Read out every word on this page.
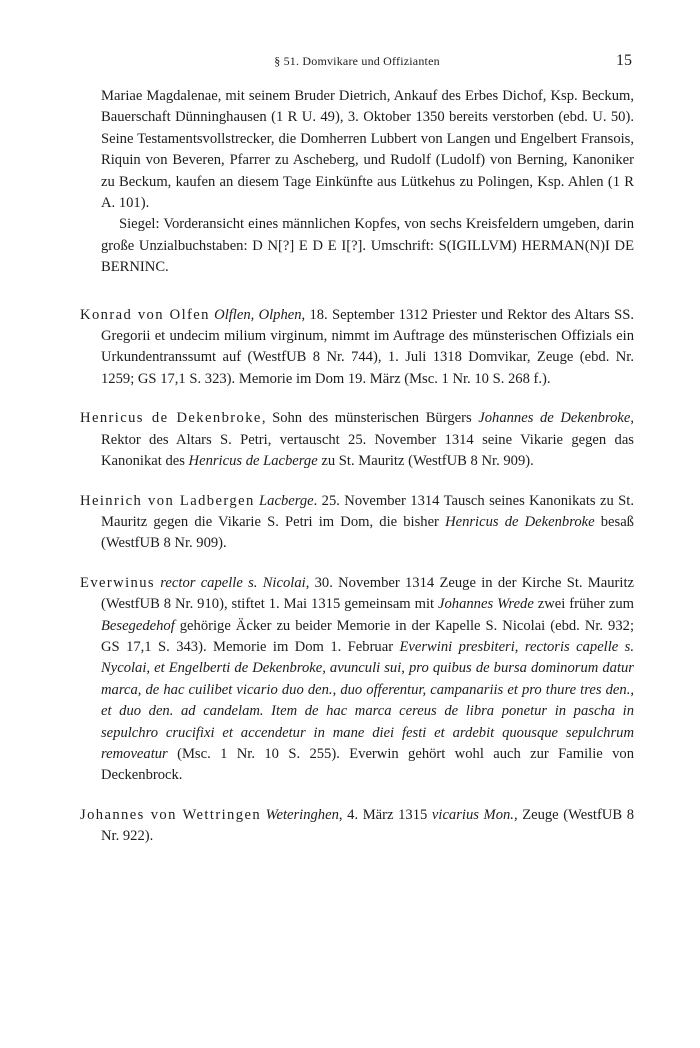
§ 51. Domvikare und Offizianten	15
Mariae Magdalenae, mit seinem Bruder Dietrich, Ankauf des Erbes Dichof, Ksp. Beckum, Bauerschaft Dünninghausen (1 R U. 49), 3. Oktober 1350 bereits verstorben (ebd. U. 50). Seine Testamentsvollstrecker, die Domherren Lubbert von Langen und Engelbert Fransois, Riquin von Beveren, Pfarrer zu Ascheberg, und Rudolf (Ludolf) von Berning, Kanoniker zu Beckum, kaufen an diesem Tage Einkünfte aus Lütkehus zu Polingen, Ksp. Ahlen (1 R A. 101).
Siegel: Vorderansicht eines männlichen Kopfes, von sechs Kreisfeldern umgeben, darin große Unzialbuchstaben: D N[?] E D E I[?]. Umschrift: S(IGILLVM) HERMAN(N)I DE BERNINC.

Konrad von Olfen Olflen, Olphen, 18. September 1312 Priester und Rektor des Altars SS. Gregorii et undecim milium virginum, nimmt im Auftrage des münsterischen Offizials ein Urkundentranssumt auf (WestfUB 8 Nr. 744), 1. Juli 1318 Domvikar, Zeuge (ebd. Nr. 1259; GS 17,1 S. 323). Memorie im Dom 19. März (Msc. 1 Nr. 10 S. 268 f.).

Henricus de Dekenbroke, Sohn des münsterischen Bürgers Johannes de Dekenbroke, Rektor des Altars S. Petri, vertauscht 25. November 1314 seine Vikarie gegen das Kanonikat des Henricus de Lacberge zu St. Mauritz (WestfUB 8 Nr. 909).

Heinrich von Ladbergen Lacberge. 25. November 1314 Tausch seines Kanonikats zu St. Mauritz gegen die Vikarie S. Petri im Dom, die bisher Henricus de Dekenbroke besaß (WestfUB 8 Nr. 909).

Everwinus rector capelle s. Nicolai, 30. November 1314 Zeuge in der Kirche St. Mauritz (WestfUB 8 Nr. 910), stiftet 1. Mai 1315 gemeinsam mit Johannes Wrede zwei früher zum Besegedehof gehörige Äcker zu beider Memorie in der Kapelle S. Nicolai (ebd. Nr. 932; GS 17,1 S. 343). Memorie im Dom 1. Februar Everwini presbiteri, rectoris capelle s. Nycolai, et Engelberti de Dekenbroke, avunculi sui, pro quibus de bursa dominorum datur marca, de hac cuilibet vicario duo den., duo offerentur, campanariis et pro thure tres den., et duo den. ad candelam. Item de hac marca cereus de libra ponetur in pascha in sepulchro crucifixi et accendetur in mane diei festi et ardebit quousque sepulchrum removeatur (Msc. 1 Nr. 10 S. 255). Everwin gehört wohl auch zur Familie von Deckenbrock.

Johannes von Wettringen Weteringhen, 4. März 1315 vicarius Mon., Zeuge (WestfUB 8 Nr. 922).
